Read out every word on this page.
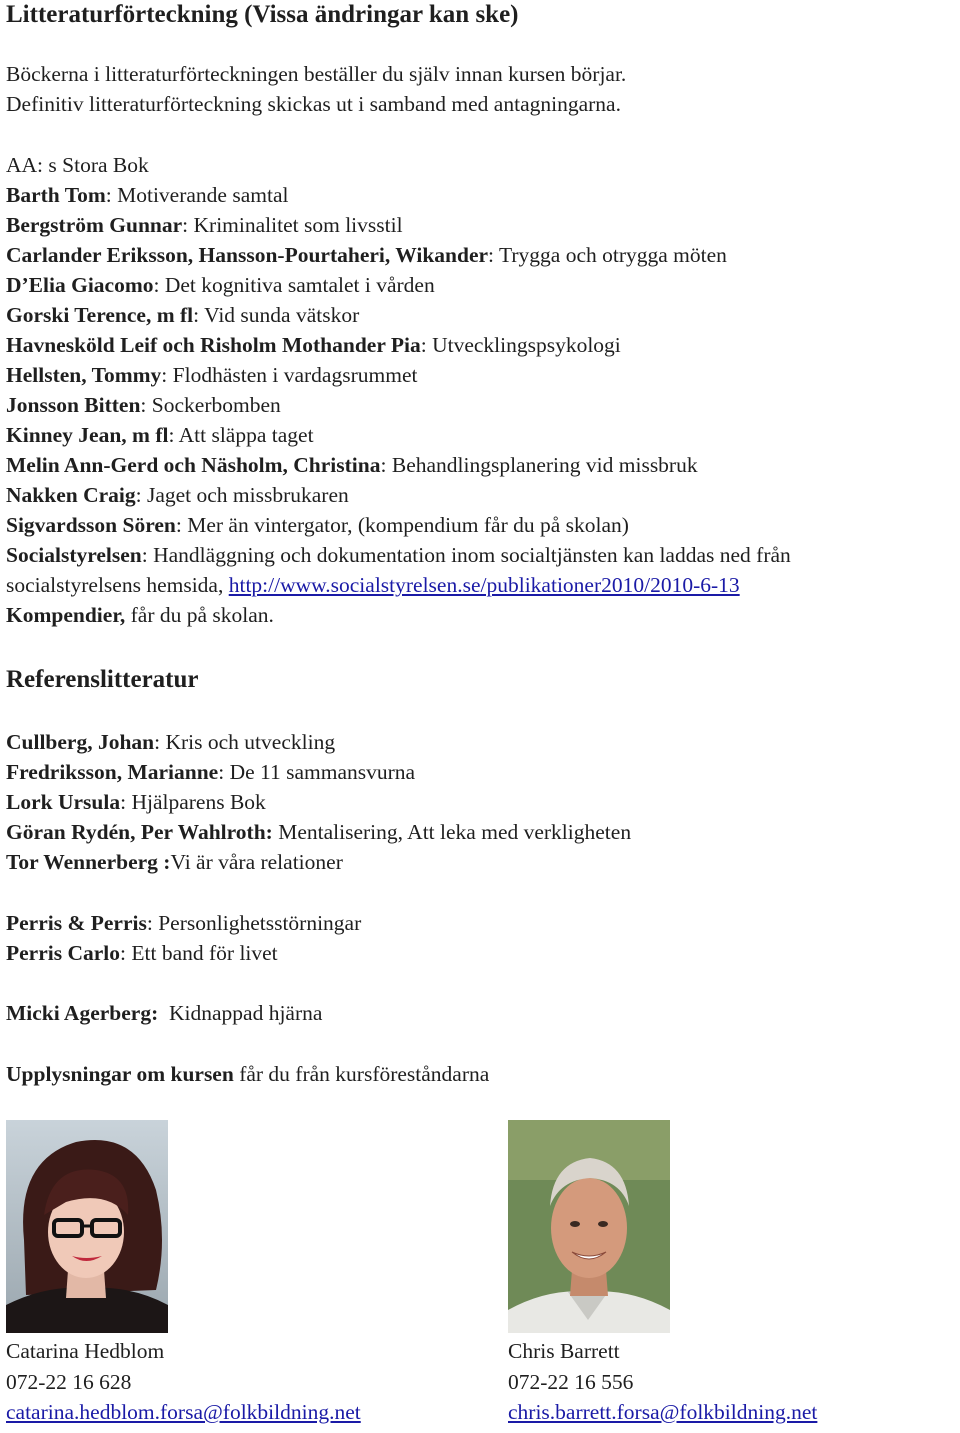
Litteraturförteckning (Vissa ändringar kan ske)
Böckerna i litteraturförteckningen beställer du själv innan kursen börjar.
Definitiv litteraturförteckning skickas ut i samband med antagningarna.
AA: s Stora Bok
Barth Tom: Motiverande samtal
Bergström Gunnar: Kriminalitet som livsstil
Carlander Eriksson, Hansson-Pourtaheri, Wikander: Trygga och otrygga möten
D’Elia Giacomo: Det kognitiva samtalet i vården
Gorski Terence, m fl: Vid sunda vätskor
Havnesköld Leif och Risholm Mothander Pia: Utvecklingspsykologi
Hellsten, Tommy: Flodhästen i vardagsrummet
Jonsson Bitten: Sockerbomben
Kinney Jean, m fl: Att släppa taget
Melin Ann-Gerd och Näsholm, Christina: Behandlingsplanering vid missbruk
Nakken Craig: Jaget och missbrukaren
Sigvardsson Sören: Mer än vintergator, (kompendium får du på skolan)
Socialstyrelsen: Handläggning och dokumentation inom socialtjänsten kan laddas ned från
socialstyrelsens hemsida, http://www.socialstyrelsen.se/publikationer2010/2010-6-13
Kompendier, får du på skolan.
Referenslitteratur
Cullberg, Johan: Kris och utveckling
Fredriksson, Marianne: De 11 sammansvurna
Lork Ursula: Hjälparens Bok
Göran Rydén, Per Wahlroth: Mentalisering, Att leka med verkligheten
Tor Wennerberg :Vi är våra relationer
Perris & Perris: Personlighetsstörningar
Perris Carlo: Ett band för livet
Micki Agerberg:  Kidnappad hjärna
Upplysningar om kursen får du från kursföreståndarna
Catarina Hedblom
072-22 16 628
catarina.hedblom.forsa@folkbildning.net
Chris Barrett
072-22 16 556
chris.barrett.forsa@folkbildning.net
